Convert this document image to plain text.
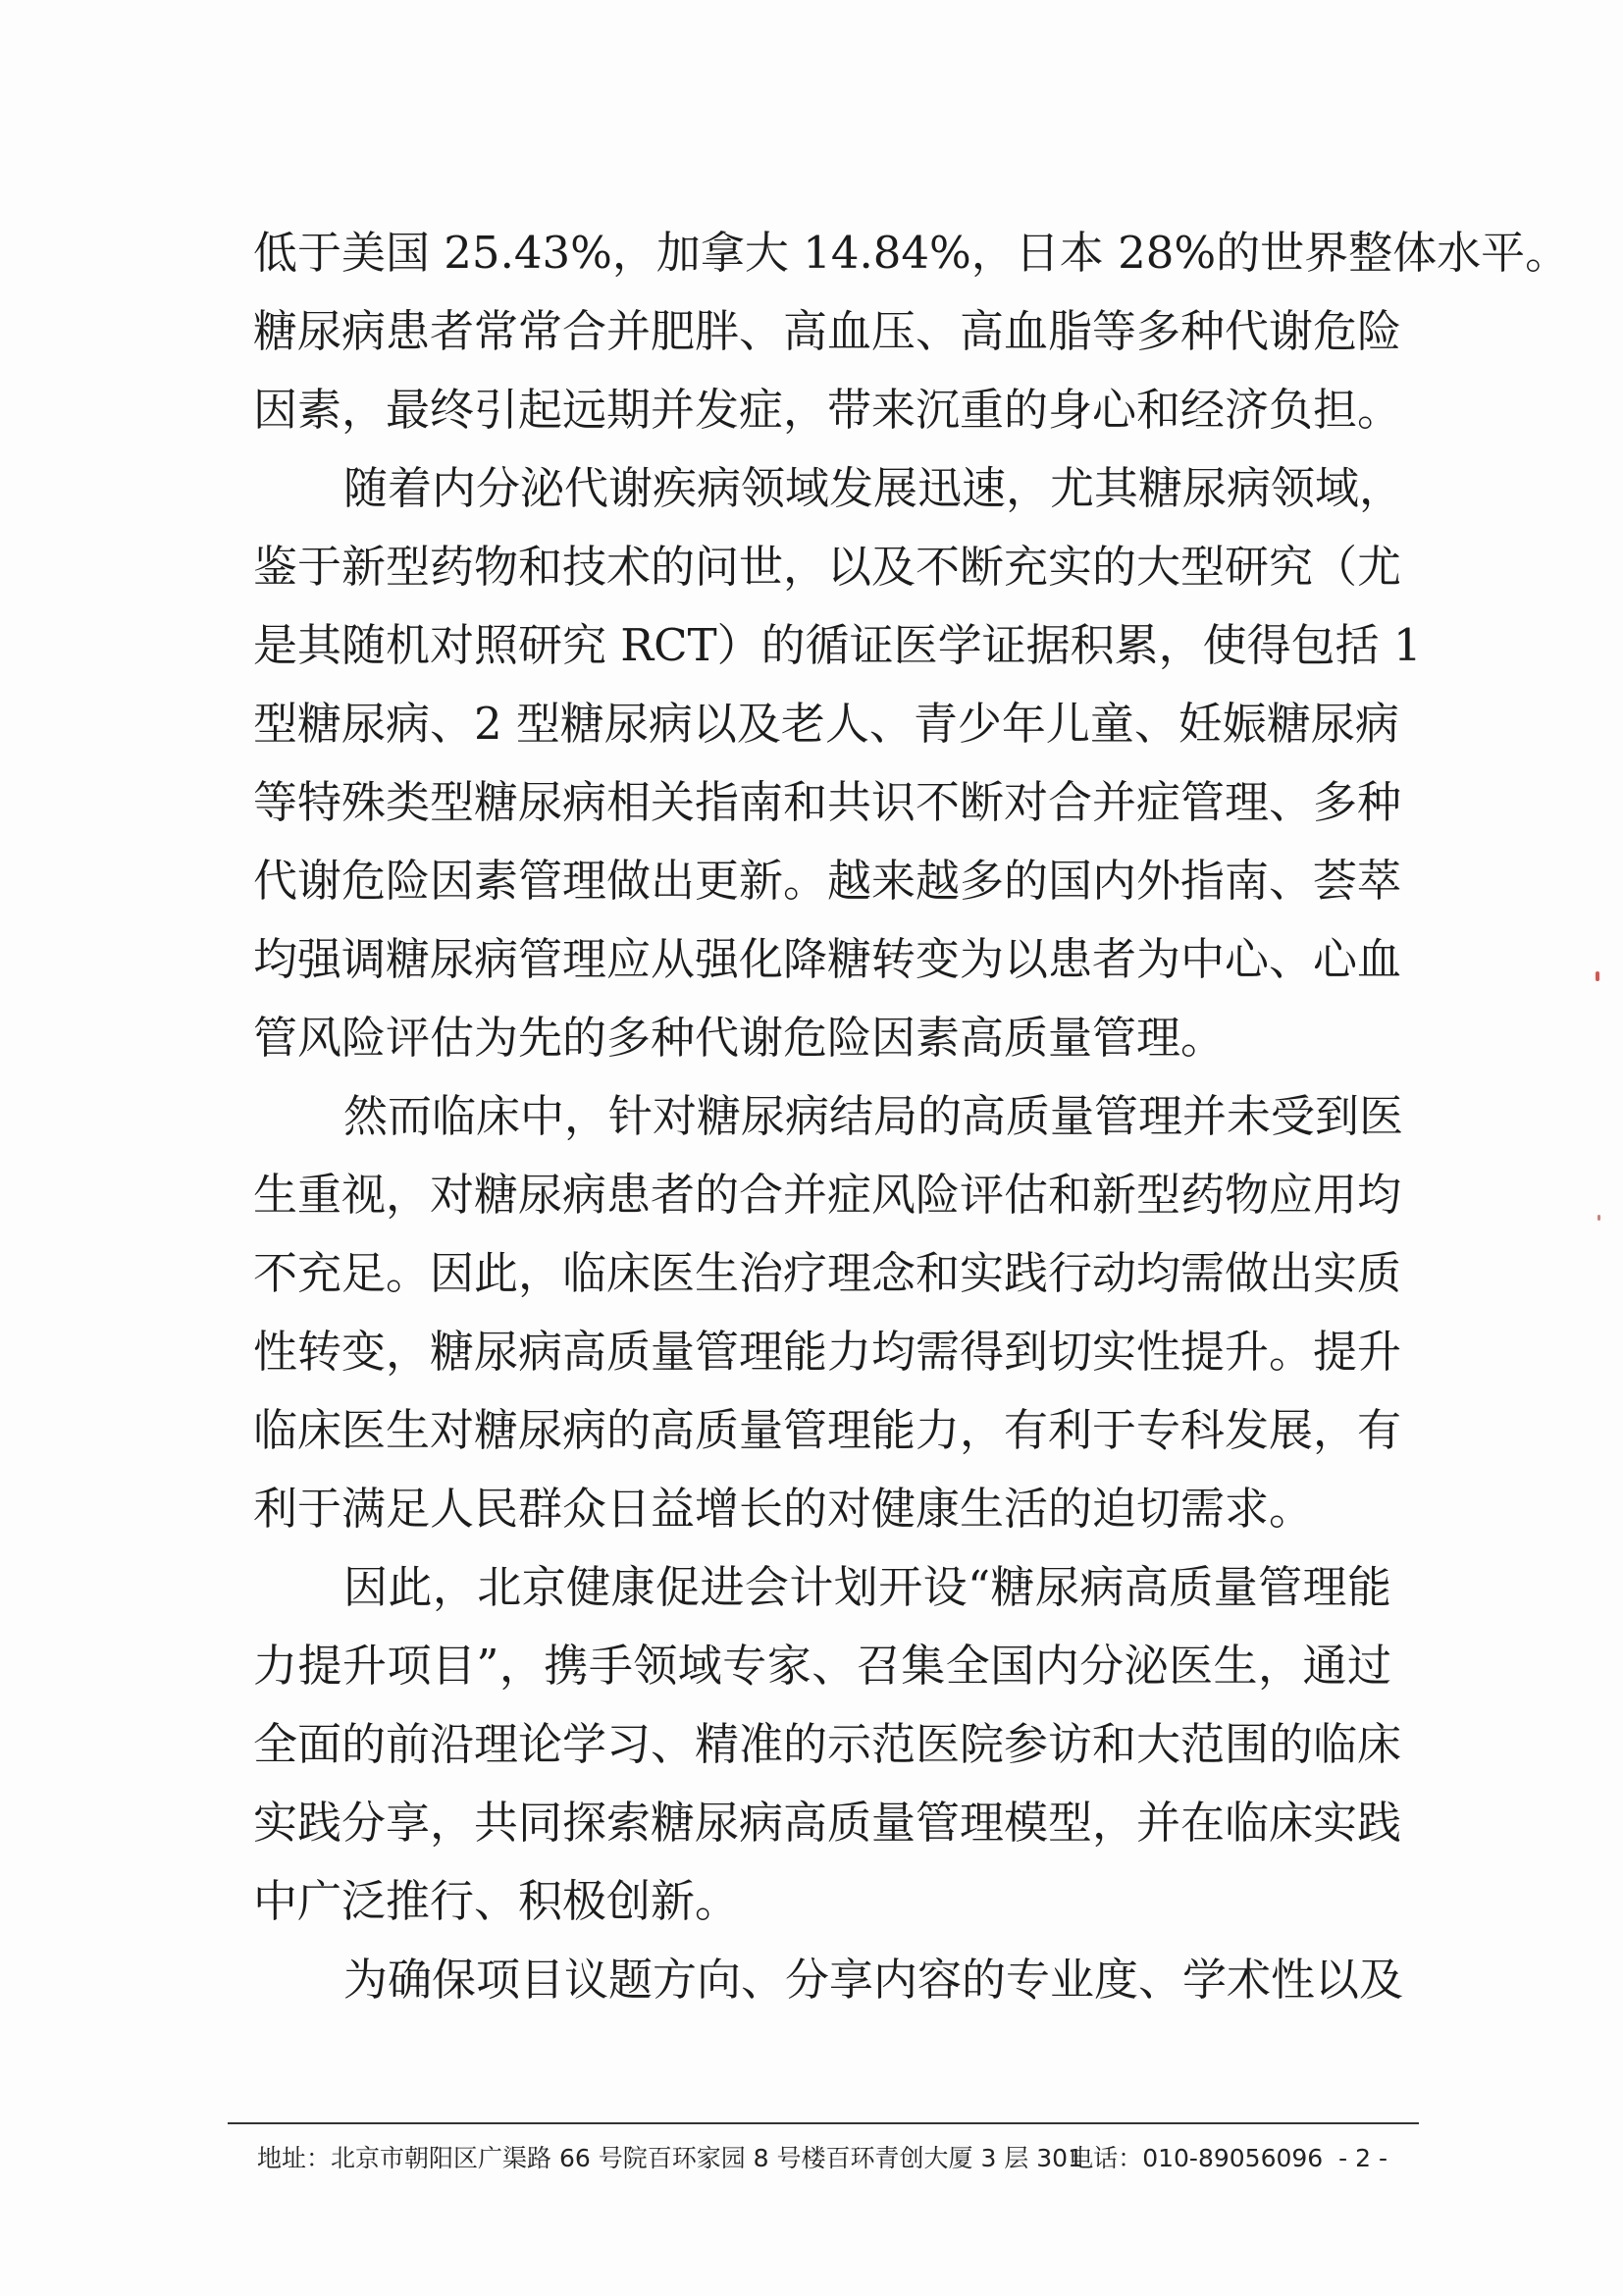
低于美国 25.43%，加拿大 14.84%，日本 28%的世界整体水平。
糖尿病患者常常合并肥胖、高血压、高血脂等多种代谢危险
因素，最终引起远期并发症，带来沉重的身心和经济负担。
随着内分泌代谢疾病领域发展迅速，尤其糖尿病领域，
鉴于新型药物和技术的问世，以及不断充实的大型研究（尤
是其随机对照研究 RCT）的循证医学证据积累，使得包括 1
型糖尿病、2 型糖尿病以及老人、青少年儿童、妊娠糖尿病
等特殊类型糖尿病相关指南和共识不断对合并症管理、多种
代谢危险因素管理做出更新。越来越多的国内外指南、荟萃
均强调糖尿病管理应从强化降糖转变为以患者为中心、心血
管风险评估为先的多种代谢危险因素高质量管理。
然而临床中，针对糖尿病结局的高质量管理并未受到医
生重视，对糖尿病患者的合并症风险评估和新型药物应用均
不充足。因此，临床医生治疗理念和实践行动均需做出实质
性转变，糖尿病高质量管理能力均需得到切实性提升。提升
临床医生对糖尿病的高质量管理能力，有利于专科发展，有
利于满足人民群众日益增长的对健康生活的迫切需求。
因此，北京健康促进会计划开设“糖尿病高质量管理能
力提升项目”，携手领域专家、召集全国内分泌医生，通过
全面的前沿理论学习、精准的示范医院参访和大范围的临床
实践分享，共同探索糖尿病高质量管理模型，并在临床实践
中广泛推行、积极创新。
为确保项目议题方向、分享内容的专业度、学术性以及
地址：北京市朝阳区广渠路 66 号院百环家园 8 号楼百环青创大厦 3 层 301
电话：010-89056096 - 2 -
